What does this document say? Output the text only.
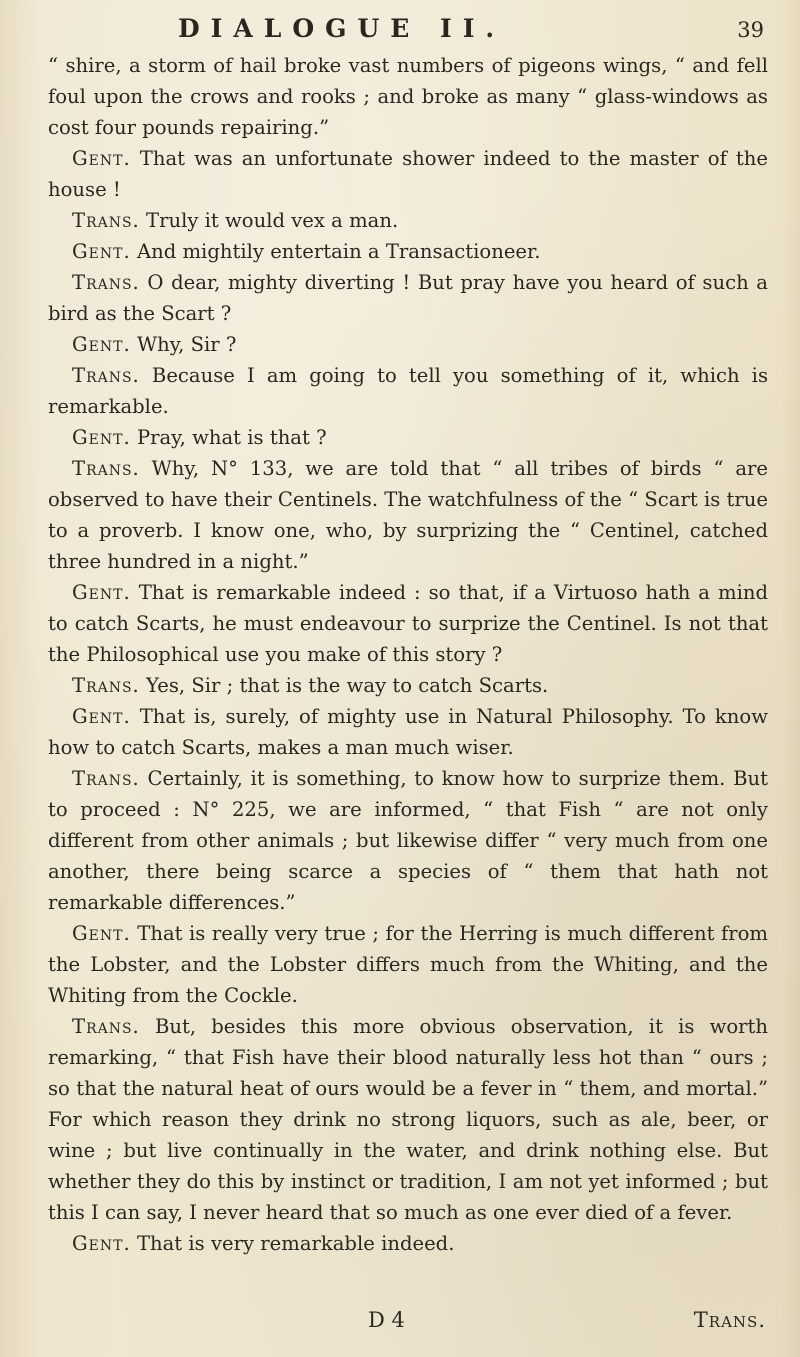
DIALOGUE II.	39

“ shire, a storm of hail broke vast numbers of pigeons wings, “ and fell foul upon the crows and rooks ; and broke as many “ glass-windows as cost four pounds repairing.”

Gent. That was an unfortunate shower indeed to the master of the house !

Trans. Truly it would vex a man.

Gent. And mightily entertain a Transactioneer.

Trans. O dear, mighty diverting ! But pray have you heard of such a bird as the Scart ?

Gent. Why, Sir ?

Trans. Because I am going to tell you something of it, which is remarkable.

Gent. Pray, what is that ?

Trans. Why, N° 133, we are told that “ all tribes of birds “ are observed to have their Centinels. The watchfulness of the “ Scart is true to a proverb. I know one, who, by surprizing the “ Centinel, catched three hundred in a night.”

Gent. That is remarkable indeed : so that, if a Virtuoso hath a mind to catch Scarts, he must endeavour to surprize the Centinel. Is not that the Philosophical use you make of this story ?

Trans. Yes, Sir ; that is the way to catch Scarts.

Gent. That is, surely, of mighty use in Natural Philosophy. To know how to catch Scarts, makes a man much wiser.

Trans. Certainly, it is something, to know how to surprize them. But to proceed : N° 225, we are informed, “ that Fish “ are not only different from other animals ; but likewise differ “ very much from one another, there being scarce a species of “ them that hath not remarkable differences.”

Gent. That is really very true ; for the Herring is much different from the Lobster, and the Lobster differs much from the Whiting, and the Whiting from the Cockle.

Trans. But, besides this more obvious observation, it is worth remarking, “ that Fish have their blood naturally less hot than “ ours ; so that the natural heat of ours would be a fever in “ them, and mortal.” For which reason they drink no strong liquors, such as ale, beer, or wine ; but live continually in the water, and drink nothing else. But whether they do this by instinct or tradition, I am not yet informed ; but this I can say, I never heard that so much as one ever died of a fever.

Gent. That is very remarkable indeed.

D 4	Trans.
